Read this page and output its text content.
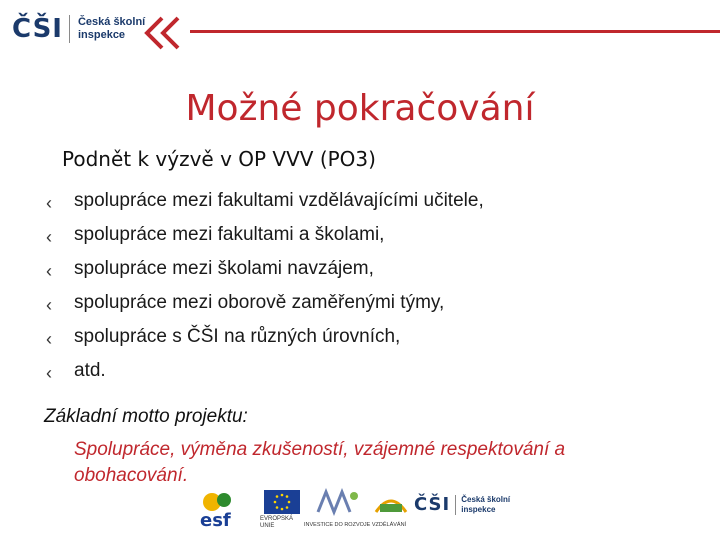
ČŠI Česká školní
inspekce
Možné pokračování
Podnět k výzvě v OP VVV (PO3)
‹	spolupráce mezi fakultami vzdělávajícími učitele,
‹	spolupráce mezi fakultami a školami,
‹	spolupráce mezi školami navzájem,
‹	spolupráce mezi oborově zaměřenými týmy,
‹	spolupráce s ČŠI na různých úrovních,
‹	atd.
Základní motto projektu:
Spolupráce, výměna zkušeností, vzájemné respektování a obohacování.
esf	EVROPSKÁ UNIE	INVESTICE DO ROZVOJE VZDĚLÁVÁNÍ
ČŠI Česká školní
inspekce
